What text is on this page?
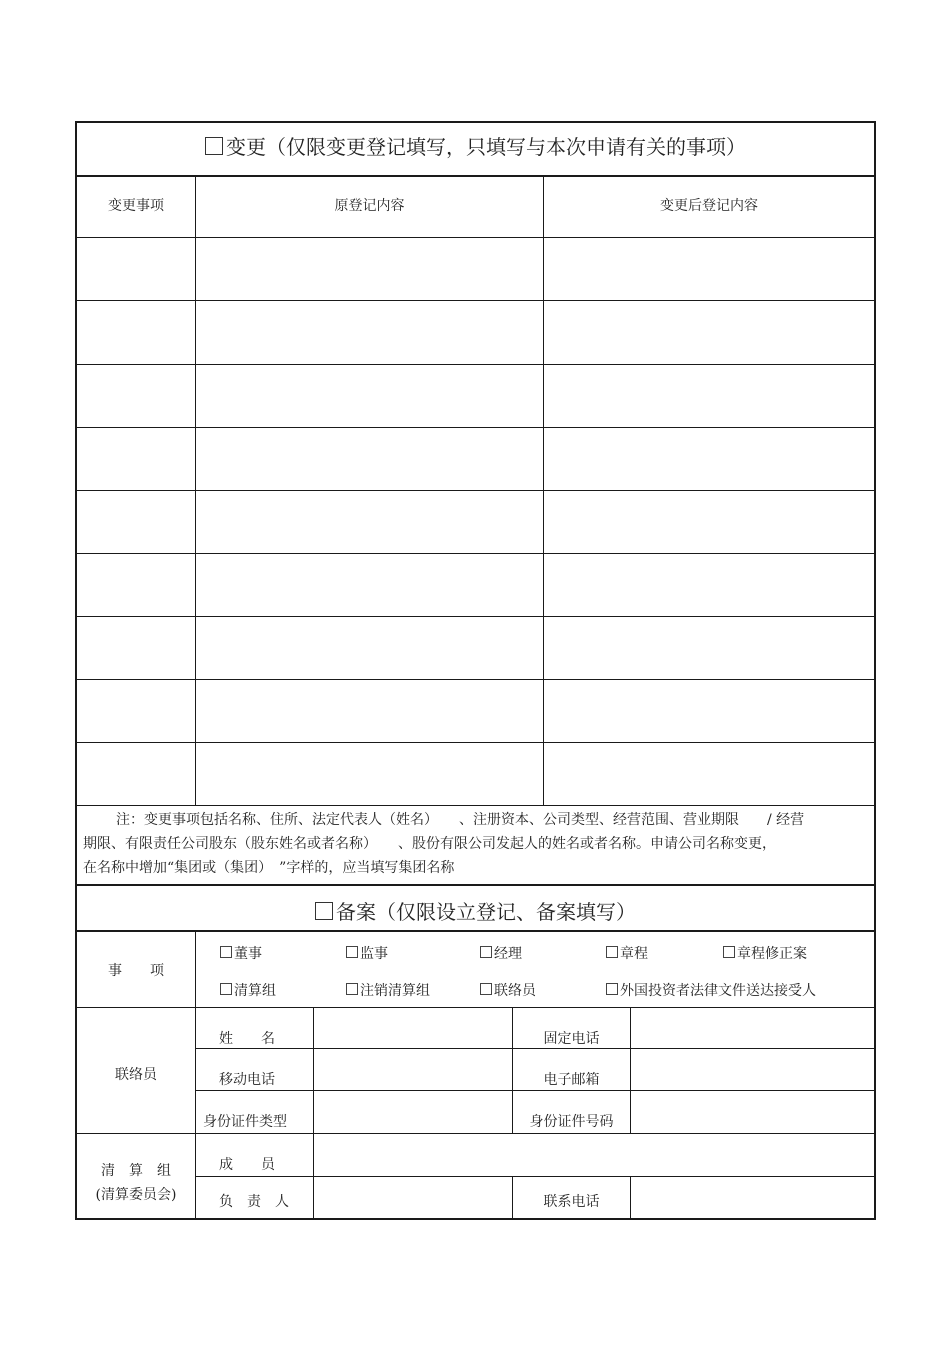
变更（仅限变更登记填写，只填写与本次申请有关的事项）
变更事项	原登记内容	变更后登记内容
注：变更事项包括名称、住所、法定代表人（姓名）　　、注册资本、公司类型、经营范围、营业期限　　/ 经营
期限、有限责任公司股东（股东姓名或者名称）　　、股份有限公司发起人的姓名或者名称。申请公司名称变更，
在名称中增加“集团或（集团）　”字样的，应当填写集团名称
备案（仅限设立登记、备案填写）
事　　项
董事	监事	经理	章程	章程修正案
清算组	注销清算组	联络员	外国投资者法律文件送达接受人
联络员
姓　　名	固定电话
移动电话	电子邮箱
身份证件类型	身份证件号码
清　算　组
(清算委员会)
成　　员
负　责　人	联系电话
